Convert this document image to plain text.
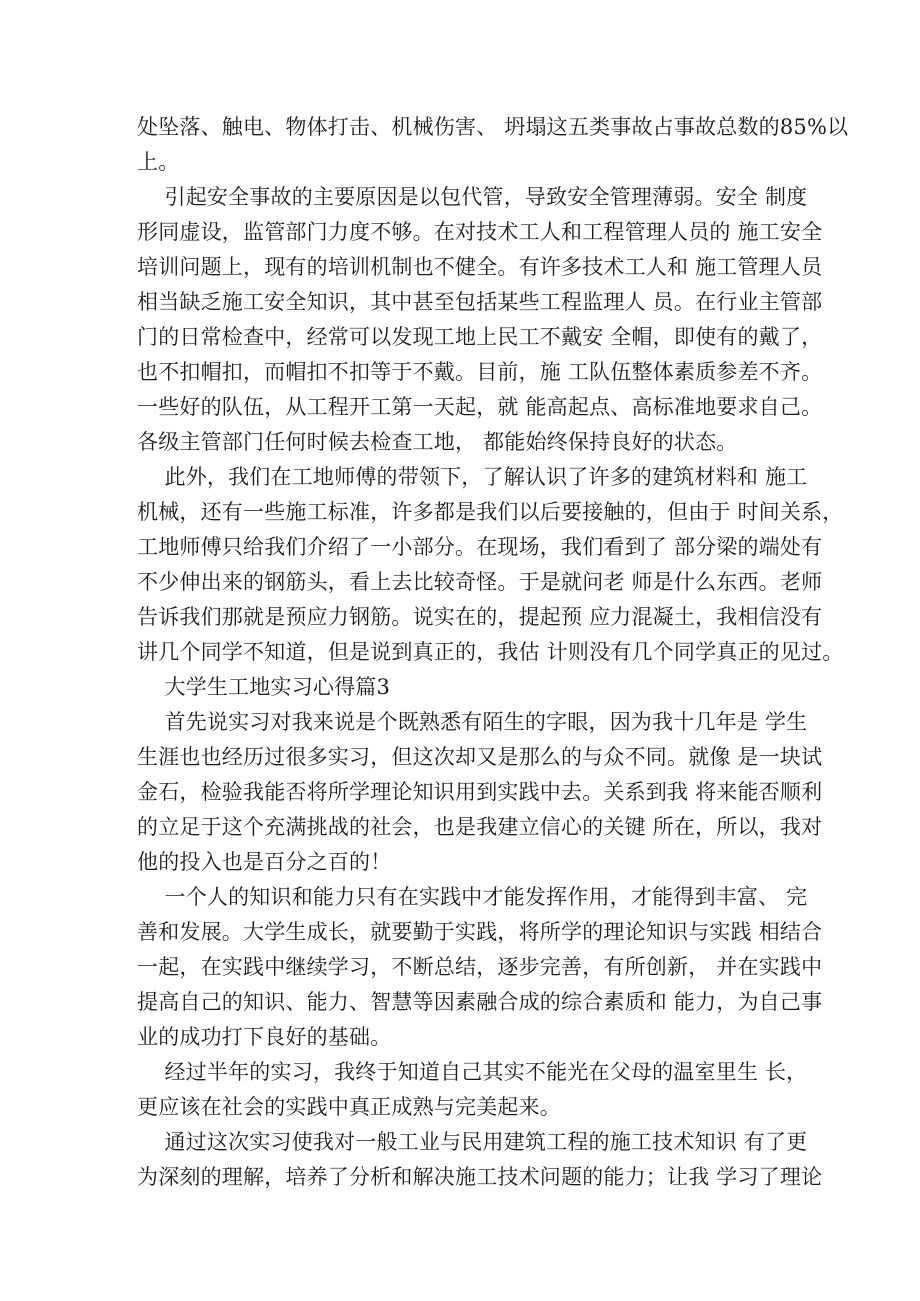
处坠落、触电、物体打击、机械伤害、 坍塌这五类事故占事故总数的85%以

上。

引起安全事故的主要原因是以包代管，导致安全管理薄弱。安全 制度

形同虚设，监管部门力度不够。在对技术工人和工程管理人员的 施工安全

培训问题上，现有的培训机制也不健全。有许多技术工人和 施工管理人员

相当缺乏施工安全知识，其中甚至包括某些工程监理人 员。在行业主管部

门的日常检查中，经常可以发现工地上民工不戴安 全帽，即使有的戴了，

也不扣帽扣，而帽扣不扣等于不戴。目前，施 工队伍整体素质参差不齐。

一些好的队伍，从工程开工第一天起，就 能高起点、高标准地要求自己。

各级主管部门任何时候去检查工地， 都能始终保持良好的状态。

此外，我们在工地师傅的带领下，了解认识了许多的建筑材料和 施工

机械，还有一些施工标准，许多都是我们以后要接触的，但由于 时间关系，

工地师傅只给我们介绍了一小部分。在现场，我们看到了 部分梁的端处有

不少伸出来的钢筋头，看上去比较奇怪。于是就问老 师是什么东西。老师

告诉我们那就是预应力钢筋。说实在的，提起预 应力混凝土，我相信没有

讲几个同学不知道，但是说到真正的，我估 计则没有几个同学真正的见过。

大学生工地实习心得篇3

首先说实习对我来说是个既熟悉有陌生的字眼，因为我十几年是 学生

生涯也也经历过很多实习，但这次却又是那么的与众不同。就像 是一块试

金石，检验我能否将所学理论知识用到实践中去。关系到我 将来能否顺利

的立足于这个充满挑战的社会，也是我建立信心的关键 所在，所以，我对

他的投入也是百分之百的！

一个人的知识和能力只有在实践中才能发挥作用，才能得到丰富、 完

善和发展。大学生成长，就要勤于实践，将所学的理论知识与实践 相结合

一起，在实践中继续学习，不断总结，逐步完善，有所创新， 并在实践中

提高自己的知识、能力、智慧等因素融合成的综合素质和 能力，为自己事

业的成功打下良好的基础。

经过半年的实习，我终于知道自己其实不能光在父母的温室里生 长，

更应该在社会的实践中真正成熟与完美起来。

通过这次实习使我对一般工业与民用建筑工程的施工技术知识 有了更

为深刻的理解，培养了分析和解决施工技术问题的能力；让我 学习了理论
